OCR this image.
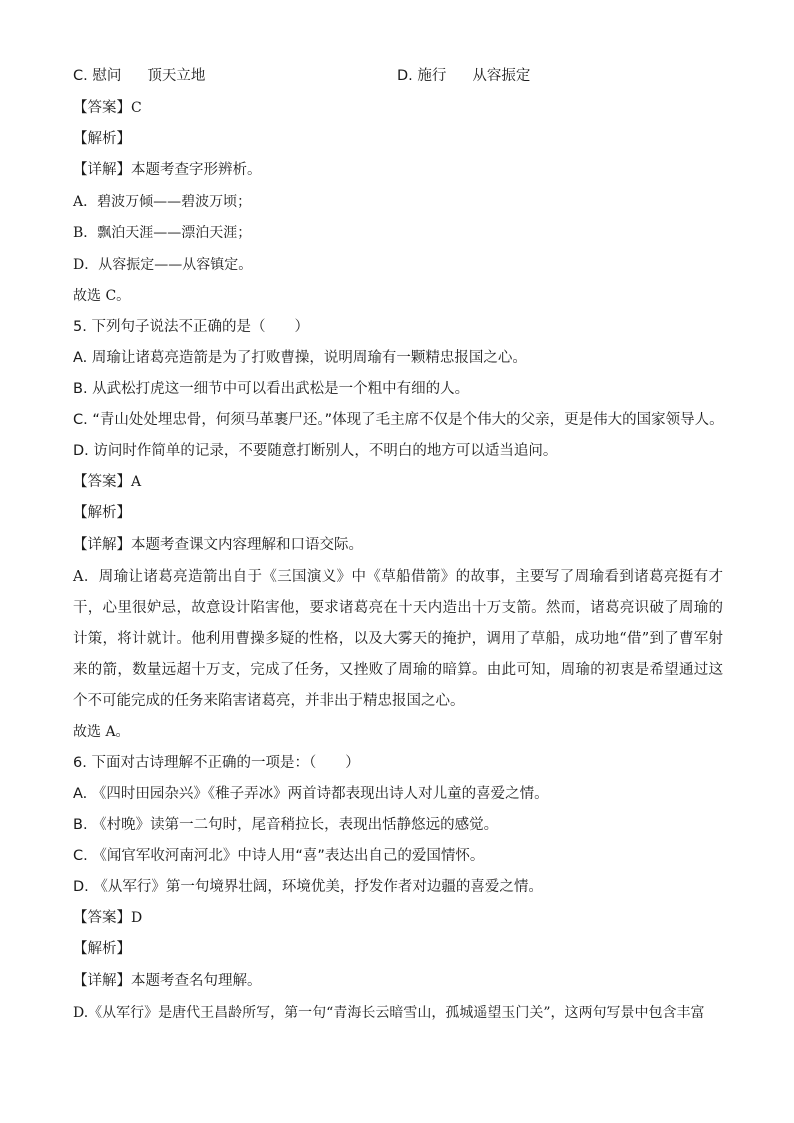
C. 慰问 顶天立地	D. 施行 从容振定
【答案】C
【解析】
【详解】本题考查字形辨析。
A．碧波万倾——碧波万顷；
B．飘泊天涯——漂泊天涯；
D．从容振定——从容镇定。
故选 C。
5. 下列句子说法不正确的是（　　）
A. 周瑜让诸葛亮造箭是为了打败曹操，说明周瑜有一颗精忠报国之心。
B. 从武松打虎这一细节中可以看出武松是一个粗中有细的人。
C. “青山处处埋忠骨，何须马革裹尸还。”体现了毛主席不仅是个伟大的父亲，更是伟大的国家领导人。
D. 访问时作简单的记录，不要随意打断别人，不明白的地方可以适当追问。
【答案】A
【解析】
【详解】本题考查课文内容理解和口语交际。
A．周瑜让诸葛亮造箭出自于《三国演义》中《草船借箭》的故事，主要写了周瑜看到诸葛亮挺有才干，心里很妒忌，故意设计陷害他，要求诸葛亮在十天内造出十万支箭。然而，诸葛亮识破了周瑜的计策，将计就计。他利用曹操多疑的性格，以及大雾天的掩护，调用了草船，成功地“借”到了曹军射来的箭，数量远超十万支，完成了任务，又挫败了周瑜的暗算。由此可知，周瑜的初衷是希望通过这个不可能完成的任务来陷害诸葛亮，并非出于精忠报国之心。
故选 A。
6. 下面对古诗理解不正确的一项是：（　　）
A. 《四时田园杂兴》《稚子弄冰》两首诗都表现出诗人对儿童的喜爱之情。
B. 《村晚》读第一二句时，尾音稍拉长，表现出恬静悠远的感觉。
C. 《闻官军收河南河北》中诗人用“喜”表达出自己的爱国情怀。
D. 《从军行》第一句境界壮阔，环境优美，抒发作者对边疆的喜爱之情。
【答案】D
【解析】
【详解】本题考查名句理解。
D.《从军行》是唐代王昌龄所写，第一句“青海长云暗雪山，孤城遥望玉门关”，这两句写景中包含丰富
